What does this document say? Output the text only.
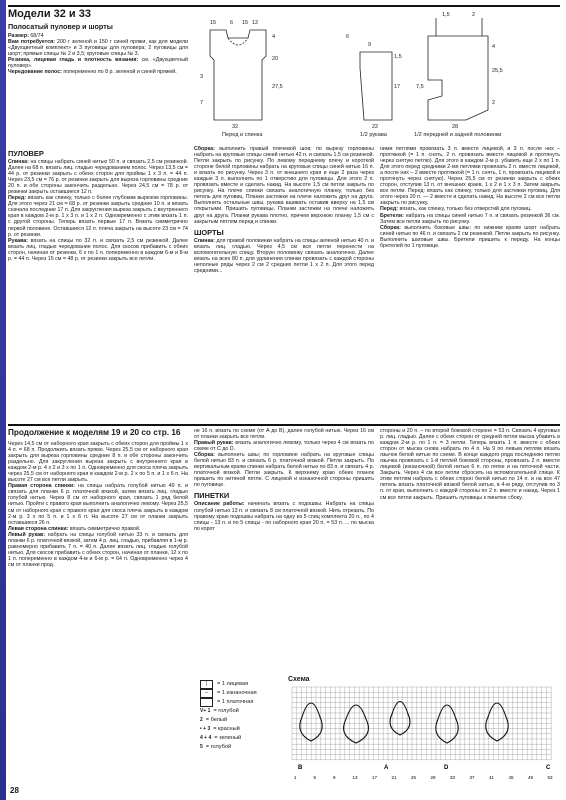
Модели 32 и 33
Полосатый пуловер и шорты

Размер: 68/74

Вам потребуется: 200 г зеленой и 150 г синей пряжи, как для модели «Двухцветный комплект» и 3 пуговицы для пуловера; 2 пуговицы для шорт; прямые спицы № 2 и 3,5; круговые спицы № 3.

Резинка, лицевая гладь и плотность вязания: см. «Двухцветный пуловер».

Чередование полос: попеременно по 8 р. зеленой и синей пряжей.

15	6 15 12
4
20
27,5
3
7
32
6
9
1,5
17
22
1,5	2
4
25,5
7,5
2
28
Перед и спинка	1/2 рукава	1/2 передней и задней половинки
ПУЛОВЕР

Спинка: на спицы набрать синей нитью 50 п. и связать 2,5 см резинкой. Далее на 68 п. вязать лиц. гладью чередованием полос. Через 13,5 см = 44 р. от резинки закрыть с обеих сторон для проймы 1 х 3 п. = 44 п. Через 23,5 см = 76 р. от резинки закрыть для выреза горловины средние 20 п. и обе стороны закончить раздельно. Через 24,5 см = 78 р. от резинки закрыть оставшиеся 12 п.

Перед: вязать как спинку, только с более глубоким вырезом горловины. Для этого через 21 см = 68 р. от резинки закрыть средние 10 п. и вязать сначала последние 17 п. Для закругления выреза закрыть с внутреннего края в каждом 2-м р. 1 х 3 п. и 1 х 2 п. Одновременно с этим вязать 1 п. с другой стороны. Теперь вязать первые 17 п. Вязать симметрично первой половине. Оставшиеся 12 п. плеча закрыть на высоте 23 см = 74 р. от резинки.

Рукава: вязать на спицы по 32 п. и связать 2,5 см резинкой. Далее вязать лиц. гладью чередование полос. Для скосов прибавить с обеих сторон, начиная от резинки, 6 х по 1 п. попеременно в каждом 6-м и 8-м р. = 44 п. Через 15 см = 48 р. от резинки закрыть все петли.

Сборка: выполнить правый плечевой шов; по вырезу горловины набрать на круговые спицы синей нитью 42 п. и связать 1,5 см резинкой. Петли закрыть по рисунку. По левому переднему плечу и короткой стороне белой горловины набрать на круговые спицы синей нитью 16 п. и вязать по рисунку. Через 3 п. от внешнего края и еще 2 раза через каждые 3 п. выполнить по 1 отверстию для пуговицы. Для этого 2 п. провязать вместе и сделать накид. На высоте 1,5 см петли закрыть по рисунку. На плече спинки связать аналогичную планку, только без петель для пуговиц. Планки застежки на плече наложить друг на друга. Выполнить остальные швы, рукава вшивать оставив вверху на 1,5 см открытыми. Пришить пуговицы. Планки застежки на плече наложить друг на друга. Планки рукава плотно, причем верхнюю планку 1,5 см с закрытым петлям перед и спинки.

ШОРТЫ

Спинка: для правой половинки набрать на спицы зеленой нитью 40 п. и вязать лиц. гладью. Через 4,5 см все петли перенести на вспомогательную спицу. Вторую половинку связать аналогично. Далее вязать на всех 80 п. для удлинения спинки провязать с каждой стороны неполные ряды через 2 см 2 средних петли 1 х 2 п. Для этого перед средними...

ними петлями провязать 3 п. вместе лицевой, и 3 п. после них – протяжкой (= 1 п. снять, 2 п. провязать вместе лицевой и протянуть через снятую петлю). Для этого в каждом 2-м р. убавить еще 2 х по 1 п. Для этого перед средними 2-мя петлями провязать 2 п. вместе лицевой, а после них – 2 вместе протяжкой (= 1 п. снять, 1 п. провязать лицевой и протянуть через снятую). Через 25,5 см от резинки закрыть с обеих сторон, отступив 13 п. от внешних краев, 1 х 2 и 1 х 3 п. Затем закрыть все петли. Перед: вязать как спинку, только для застежки пуговиц. Для этого через 20 п. — 2 вместе и сделать накид. На высоте 2 см все петли закрыть по рисунку.

Перед: вязать, как спинку, только без отверстий для пуговиц.

Бретели: набрать на спицы синей нитью 7 п. и связать резинкой 36 см. Затем все петли закрыть по рисунку.

Сборка: выполнить боковые швы; по нижним краям шорт набрать синей нитью по 46 п. и связать 2 см резинкой. Петли закрыть по рисунку. Выполнить шаговые швы. Бретели пришить к переду. На концы бретелей по 1 пуговице.

Продолжение к моделям 19 и 20 со стр. 16

Через 14,5 см от наборного края закрыть с обеих сторон для проймы 1 х 4 п. = 68 п. Продолжить вязать прямо. Через 25,5 см от наборного края закрыть для выреза горловины средние 8 п. и обе стороны закончить раздельно. Для закругления выреза закрыть с внутреннего края в каждом 2-м р. 4 х 2 и 3 х по 1 п. Одновременно для скоса плеча закрыть через 25,5 см от наборного края в каждом 2-м р. 2 х по 5 п. и 1 х 6 п. На высоте 27 см все петли закрыть.

Правая сторона спинки: на спицы набрать голубой нитью 49 п. и связать для планки 6 р. платочной вязкой, затем вязать лиц. гладью голубой нитью. Через 8 см от наборного края, связать 1 ряд белой нитью. Пройти с правого края выполнить аналогично левому. Через 25,5 см от наборного края с правого края для скоса плеча закрыть в каждом 2-м р. 3 х по 5 п. и 1 х 6 п. На высоте 27 см от планки закрыть оставшиеся 26 п.

Левая сторона спинки: вязать симметрично правой.

Левый рукав: набрать на спицы голубой нитью 33 п. и связать для планки 6 р. платочной вязкой, затем 4 р. лиц. гладью, прибавляя в 1-м р. равномерно прибавить 7 п. = 40 п. Далее вязать лиц. гладью голубой нитью. Для скосов прибавить с обеих сторон, начиная от планки, 12 х по 1 п. попеременно в каждом 4-м и 6-м р. = 64 п. Одновременно через 4 см от планки прод.

не 16 п. вязать по схеме (от А до В), далее голубой нитью. Через 16 см от планки закрыть все петли.

Правый рукав: вязать аналогично левому, только через 4 см вязать по схеме от C до D.

Сборка: выполнить швы; по горловине набрать на круговые спицы белой нитью 83 п. и связать 6 р. платочной вязкой. Петли закрыть. По вертикальным краям спинки набрать белой нитью по 83 п. и связать 4 р. платочной вязкой. Петли закрыть. К верхнему краю обеих планок пришить по нитяной петле. С лицевой и изнаночной стороны пришить по пуговице.

ПИНЕТКИ

Описание работы: начинать вязать с подошвы. Набрать на спицы голубой нитью 13 п. и связать 8 см платочной вязкой. Нить отрезать. По правому краю подошвы набрать на одну из 5 спиц комплекта 20 п., по 4 спицы - 13 п. и по 5 спицы - по наборного края 20 п. = 53 п. ... по мыска по корот

стороны и 20 п. – по второй боковой стороне = 53 п. Связать 4 круговых р. лиц. гладью. Далее с обеих сторон от средней петли мыска убавить в каждом 2-м р. по 1 п. = 3 петли. Теперь вязать 1 п. вместе с обеих сторон от мыска снова набрать по 4 п. На 9 по левым петлям вязать язычок белой нитью по схеме. В конце каждого ряда последнюю петлю язычка провязать с 1-й петлей боковой стороны, провязать 2 п. вместе лицевой (изнаночной) белой нитью 6 п. по пятке и на пяточной части. Закрыть. Через 4 см все петли сбросить на вспомогательной спице. К этим петлям набрать с обеих сторон белой нитью по 14 п. и на все 47 петель вязать платочной вязкой белой нитью, в 4-м ряду, отступив по 3 п. от края, выполнить с каждой стороны по 2 п. вместе и накид. Через 1 см все петли закрыть. Пришить пуговицы к пинетке сбоку.

|	= 1 лицевая
–	= 1 изнаночная
= 1 платочная
V+ 1 = голубой
2 = белый
• + 3 = красный
4 + 4 = зеленый
5 = голубой
Схема
B	A	D	C
1	5	9	13	17	21	25	29	33	37	41	45	49	53
28
